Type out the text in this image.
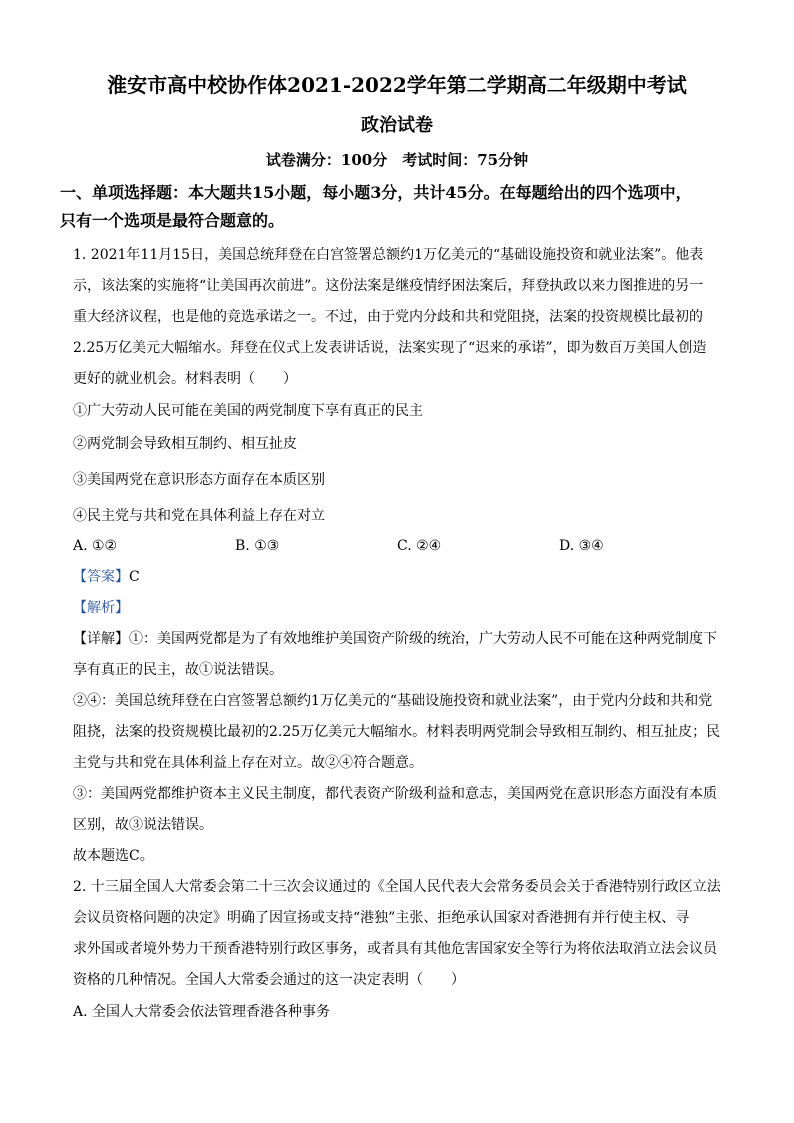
淮安市高中校协作体2021-2022学年第二学期高二年级期中考试
政治试卷
试卷满分：100分　考试时间：75分钟
一、单项选择题：本大题共15小题，每小题3分，共计45分。在每题给出的四个选项中，
只有一个选项是最符合题意的。
1. 2021年11月15日，美国总统拜登在白宫签署总额约1万亿美元的“基础设施投资和就业法案”。他表
示，该法案的实施将“让美国再次前进”。这份法案是继疫情纾困法案后，拜登执政以来力图推进的另一
重大经济议程，也是他的竞选承诺之一。不过，由于党内分歧和共和党阻挠，法案的投资规模比最初的
2.25万亿美元大幅缩水。拜登在仪式上发表讲话说，法案实现了“迟来的承诺”，即为数百万美国人创造
更好的就业机会。材料表明（　　）
①广大劳动人民可能在美国的两党制度下享有真正的民主
②两党制会导致相互制约、相互扯皮
③美国两党在意识形态方面存在本质区别
④民主党与共和党在具体利益上存在对立
A. ①②	B. ①③	C. ②④	D. ③④
【答案】C
【解析】
【详解】①：美国两党都是为了有效地维护美国资产阶级的统治，广大劳动人民不可能在这种两党制度下
享有真正的民主，故①说法错误。
②④：美国总统拜登在白宫签署总额约1万亿美元的“基础设施投资和就业法案”，由于党内分歧和共和党
阻挠，法案的投资规模比最初的2.25万亿美元大幅缩水。材料表明两党制会导致相互制约、相互扯皮；民
主党与共和党在具体利益上存在对立。故②④符合题意。
③：美国两党都维护资本主义民主制度，都代表资产阶级利益和意志，美国两党在意识形态方面没有本质
区别，故③说法错误。
故本题选C。
2. 十三届全国人大常委会第二十三次会议通过的《全国人民代表大会常务委员会关于香港特别行政区立法
会议员资格问题的决定》明确了因宣扬或支持“港独”主张、拒绝承认国家对香港拥有并行使主权、寻
求外国或者境外势力干预香港特别行政区事务，或者具有其他危害国家安全等行为将依法取消立法会议员
资格的几种情况。全国人大常委会通过的这一决定表明（　　）
A. 全国人大常委会依法管理香港各种事务
